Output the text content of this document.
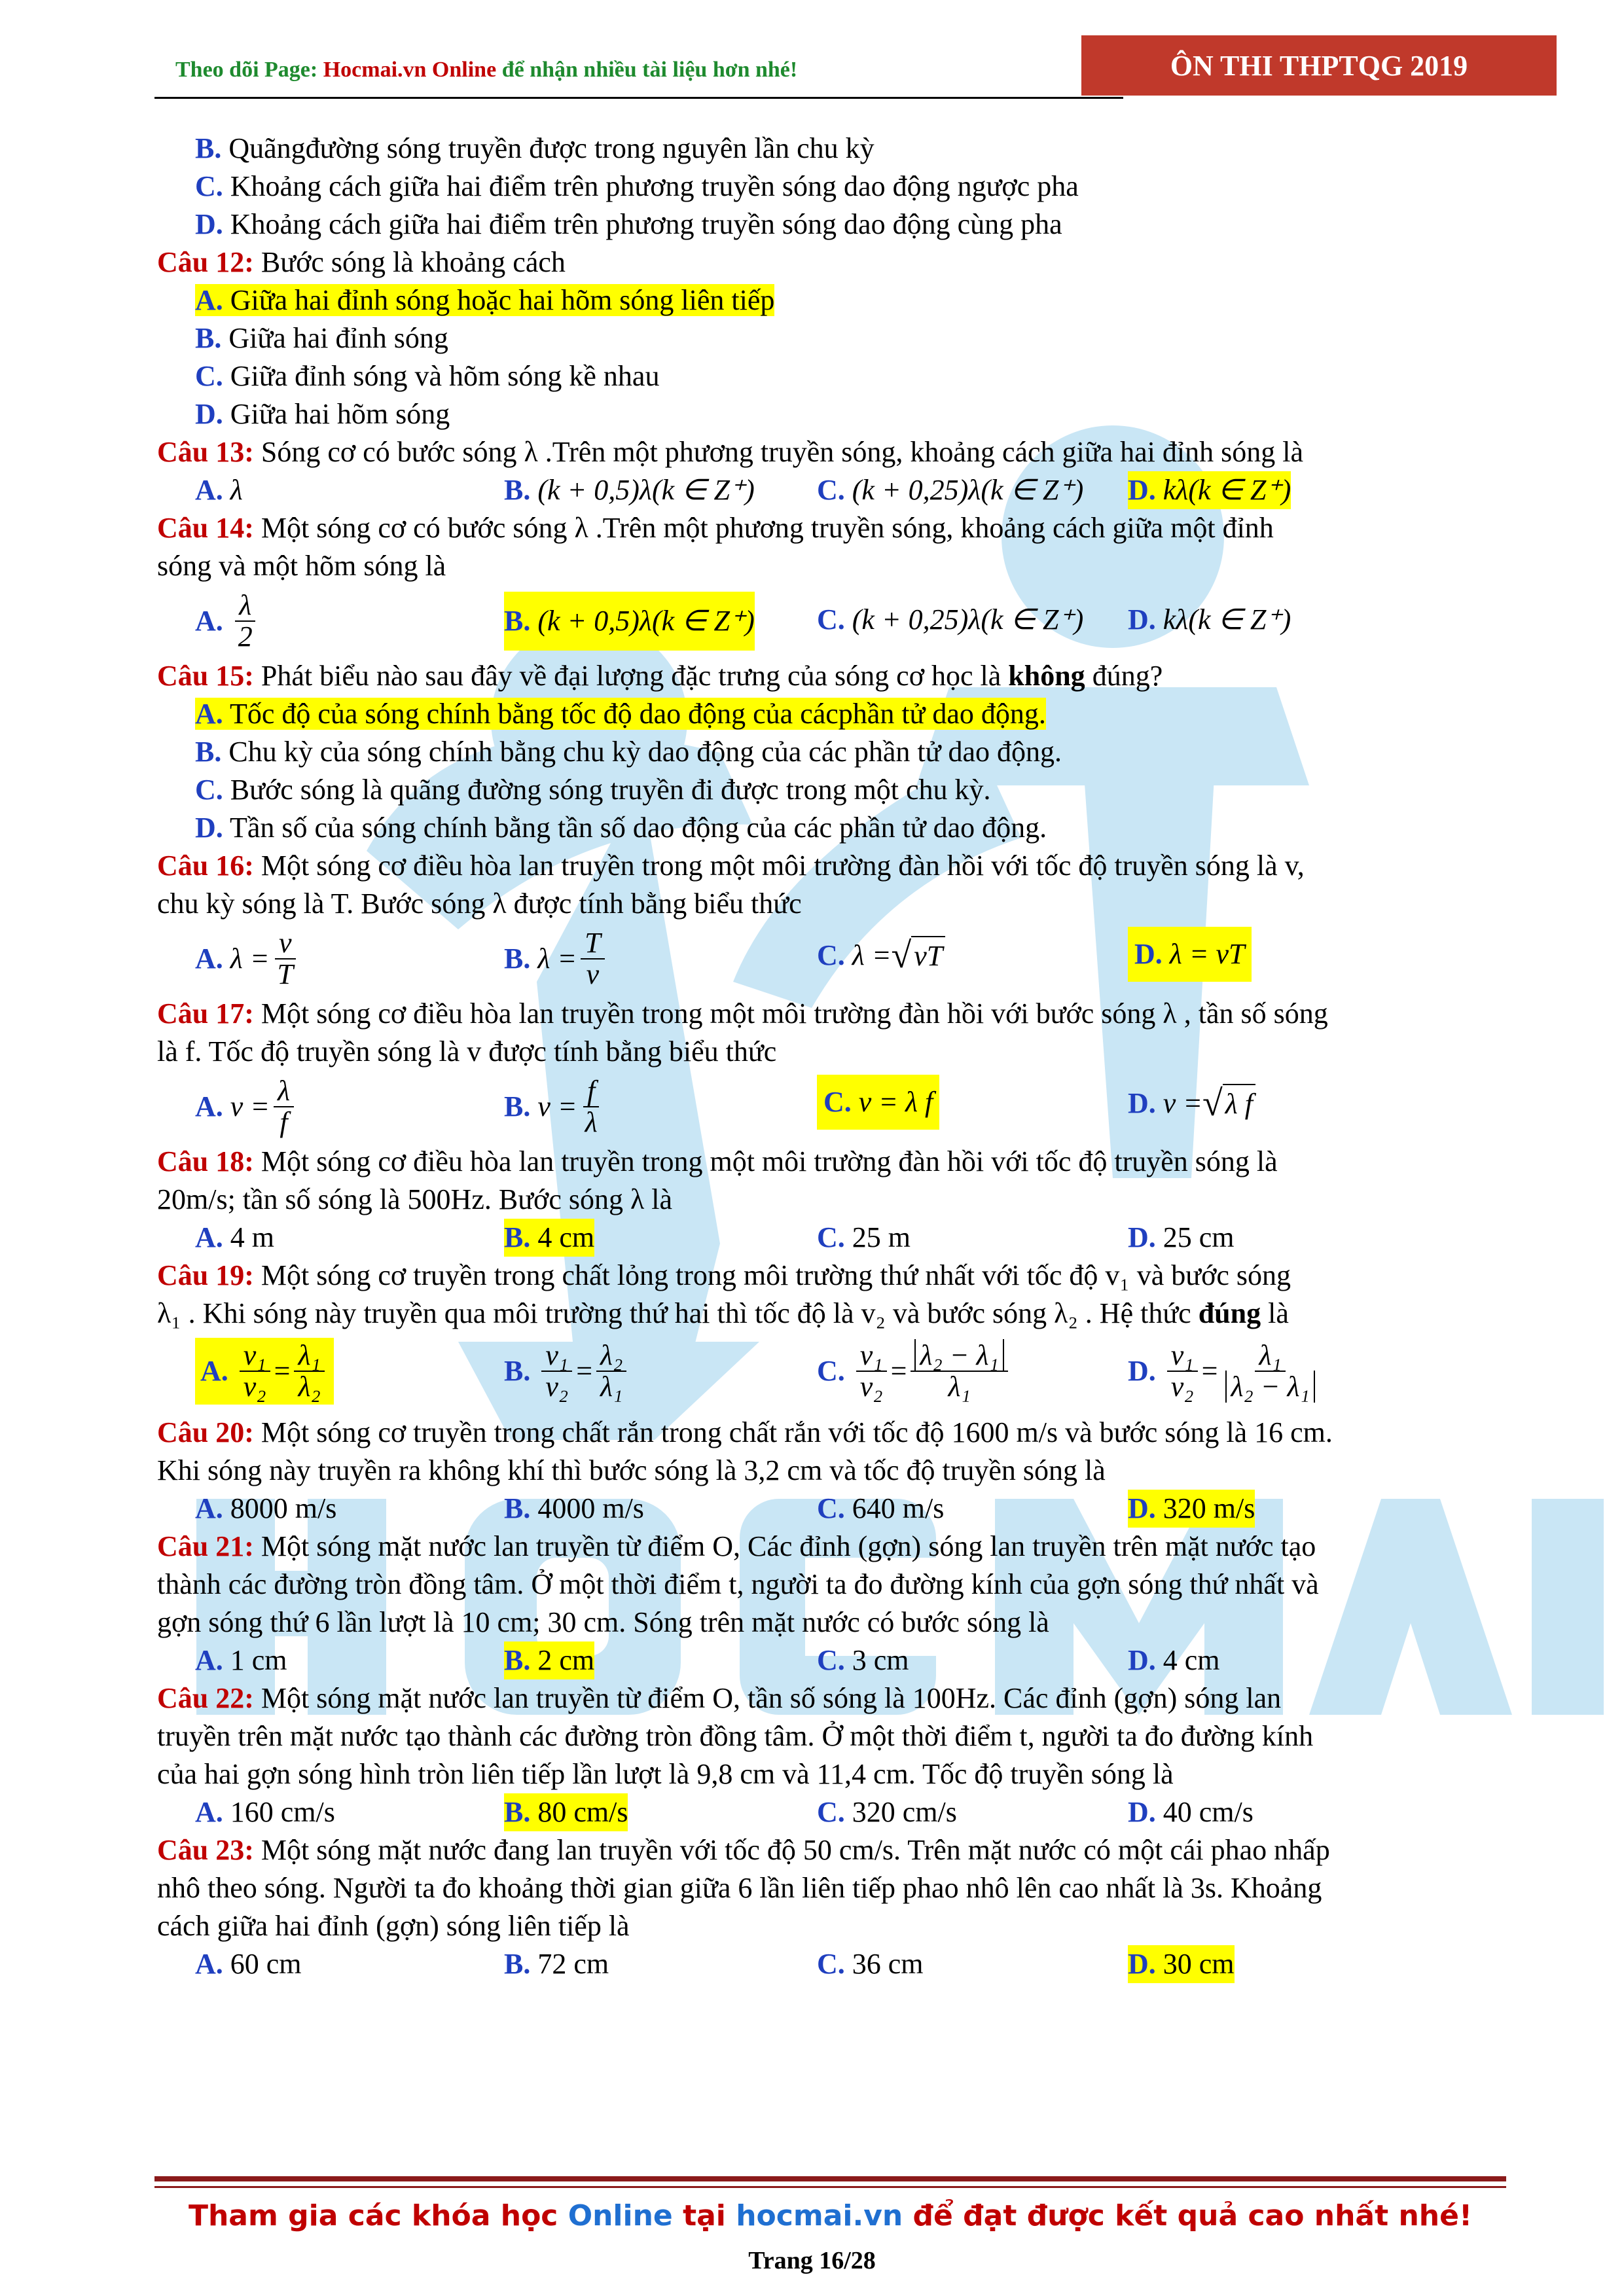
Theo dõi Page: Hocmai.vn Online để nhận nhiều tài liệu hơn nhé!	ÔN THI THPTQG 2019
B. Quãngđường sóng truyền được trong nguyên lần chu kỳ
C. Khoảng cách giữa hai điểm trên phương truyền sóng dao động ngược pha
D. Khoảng cách giữa hai điểm trên phương truyền sóng dao động cùng pha
Câu 12: Bước sóng là khoảng cách
A. Giữa hai đỉnh sóng hoặc hai hõm sóng liên tiếp
B. Giữa hai đỉnh sóng
C. Giữa đỉnh sóng và hõm sóng kề nhau
D. Giữa hai hõm sóng
Câu 13: Sóng cơ có bước sóng λ .Trên một phương truyền sóng, khoảng cách giữa hai đỉnh sóng là
A.
λ	B.
(k + 0,5)λ(k ∈ Z⁺) C.
(k + 0,25)λ(k ∈ Z⁺) D.
kλ(k ∈ Z⁺)
Câu 14: Một sóng cơ có bước sóng λ .Trên một phương truyền sóng, khoảng cách giữa một đỉnh
sóng và một hõm sóng là
A.
$\frac{\lambda}{2}$	B.
(k + 0,5)λ(k ∈ Z⁺) C.
(k + 0,25)λ(k ∈ Z⁺) D.
kλ(k ∈ Z⁺)
Câu 15: Phát biểu nào sau đây về đại lượng đặc trưng của sóng cơ học là không đúng?
A. Tốc độ của sóng chính bằng tốc độ dao động của cácphần tử dao động.
B. Chu kỳ của sóng chính bằng chu kỳ dao động của các phần tử dao động.
C. Bước sóng là quãng đường sóng truyền đi được trong một chu kỳ.
D. Tần số của sóng chính bằng tần số dao động của các phần tử dao động.
Câu 16: Một sóng cơ điều hòa lan truyền trong một môi trường đàn hồi với tốc độ truyền sóng là v,
chu kỳ sóng là T. Bước sóng λ được tính bằng biểu thức
A.
$\lambda = \frac{v}{T}$	B.
$\lambda = \frac{T}{v}$	C.
λ = √ vT	D.
λ = vT
Câu 17: Một sóng cơ điều hòa lan truyền trong một môi trường đàn hồi với bước sóng λ , tần số sóng
là f. Tốc độ truyền sóng là v được tính bằng biểu thức
A.
$v = \frac{\lambda}{f}$	B.
$v = \frac{f}{\lambda}$	C.
v = λ f	D.
v = √ λ f
Câu 18: Một sóng cơ điều hòa lan truyền trong một môi trường đàn hồi với tốc độ truyền sóng là
20m/s; tần số sóng là 500Hz. Bước sóng λ là
A.
4 m	B.
4 cm	C.
25 m	D.
25 cm
Câu 19: Một sóng cơ truyền trong chất lỏng trong môi trường thứ nhất với tốc độ v₁ và bước sóng
λ₁ . Khi sóng này truyền qua môi trường thứ hai thì tốc độ là v₂ và bước sóng λ₂ . Hệ thức đúng là
A.
$\frac{\text{v₁}}{\text{v₂}} = \frac{\text{λ₁}}{\text{λ₂}}$	B.
$\frac{\text{v₁}}{\text{v₂}} = \frac{\text{λ₂}}{\text{λ₁}}$	C.
$\frac{\text{v₁}}{\text{v₂}} = \frac{\text{λ₂ − λ₁}}{\text{λ₁}}$	D.
$\frac{\text{v₁}}{\text{v₂}} = \frac{\text{λ₁}}{\text{λ₂ − λ₁}}$
Câu 20: Một sóng cơ truyền trong chất rắn trong chất rắn với tốc độ 1600 m/s và bước sóng là 16 cm.
Khi sóng này truyền ra không khí thì bước sóng là 3,2 cm và tốc độ truyền sóng là
A.
8000 m/s	B.
4000 m/s	C.
640 m/s	D.
320 m/s
Câu 21: Một sóng mặt nước lan truyền từ điểm O, Các đỉnh (gợn) sóng lan truyền trên mặt nước tạo
thành các đường tròn đồng tâm. Ở một thời điểm t, người ta đo đường kính của gợn sóng thứ nhất và
gợn sóng thứ 6 lần lượt là 10 cm; 30 cm. Sóng trên mặt nước có bước sóng là
A.
1 cm	B.
2 cm	C.
3 cm	D.
4 cm
Câu 22: Một sóng mặt nước lan truyền từ điểm O, tần số sóng là 100Hz. Các đỉnh (gợn) sóng lan
truyền trên mặt nước tạo thành các đường tròn đồng tâm. Ở một thời điểm t, người ta đo đường kính
của hai gợn sóng hình tròn liên tiếp lần lượt là 9,8 cm và 11,4 cm. Tốc độ truyền sóng là
A.
160 cm/s	B.
80 cm/s	C.
320 cm/s	D.
40 cm/s
Câu 23: Một sóng mặt nước đang lan truyền với tốc độ 50 cm/s. Trên mặt nước có một cái phao nhấp
nhô theo sóng. Người ta đo khoảng thời gian giữa 6 lần liên tiếp phao nhô lên cao nhất là 3s. Khoảng
cách giữa hai đỉnh (gợn) sóng liên tiếp là
A.
60 cm	B.
72 cm	C.
36 cm	D.
30 cm
Tham gia các khóa học Online tại hocmai.vn để đạt được kết quả cao nhất nhé!
Trang 16/28
